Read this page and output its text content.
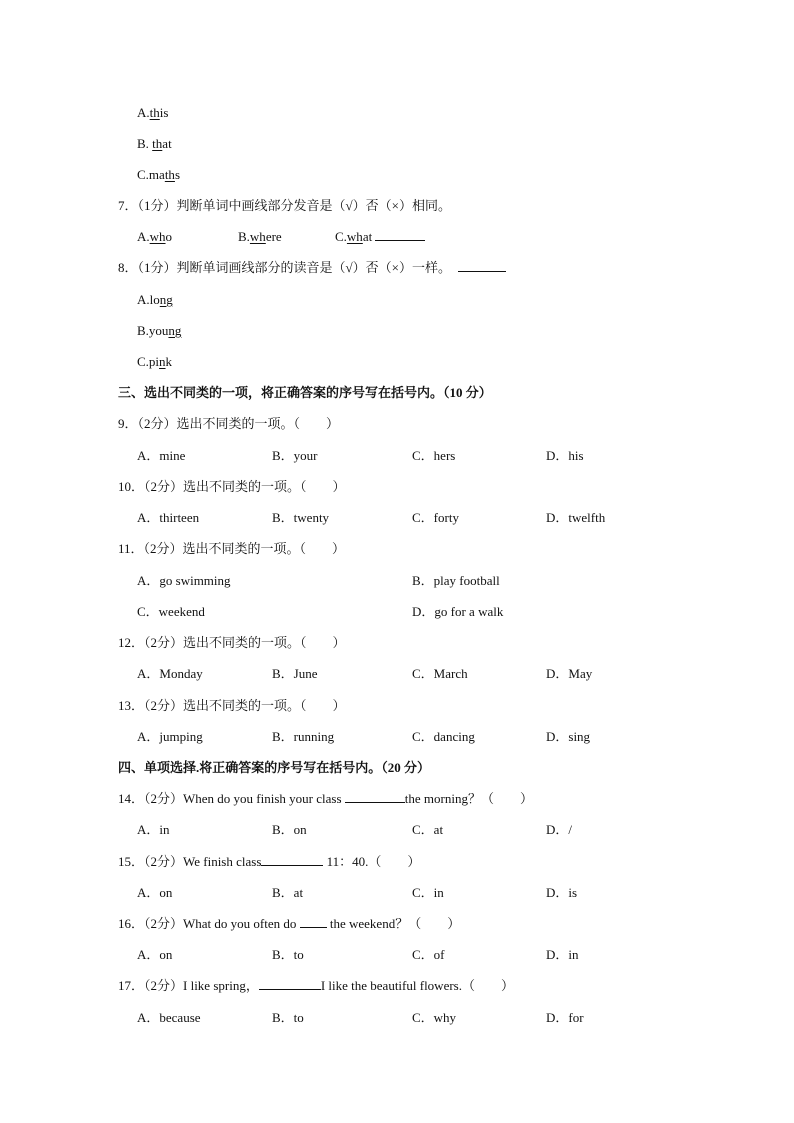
A.this
B. that
C.maths
7．（1分）判断单词中画线部分发音是（√）否（×）相同。
A.who	B.where	C.what
8．（1分）判断单词画线部分的读音是（√）否（×）一样。
A.long
B.young
C.pink
三、选出不同类的一项，将正确答案的序号写在括号内。（10 分）
9．（2分）选出不同类的一项。（　　）
A．mine	B．your	C．hers	D．his
10．（2分）选出不同类的一项。（　　）
A．thirteen	B．twenty	C．forty	D．twelfth
11．（2分）选出不同类的一项。（　　）
A．go swimming	B．play football
C．weekend	D．go for a walk
12．（2分）选出不同类的一项。（　　）
A．Monday	B．June	C．March	D．May
13．（2分）选出不同类的一项。（　　）
A．jumping	B．running	C．dancing	D．sing
四、单项选择.将正确答案的序号写在括号内。（20 分）
14．（2分）When do you finish your class	the morning？（　　）
A．in	B．on	C．at	D．/
15．（2分）We finish class	11：40.（　　）
A．on	B．at	C．in	D．is
16．（2分）What do you often do  the weekend？（　　）
A．on	B．to	C．of	D．in
17．（2分）I like spring，	I like the beautiful flowers.（　　）
A．because	B．to	C．why	D．for
